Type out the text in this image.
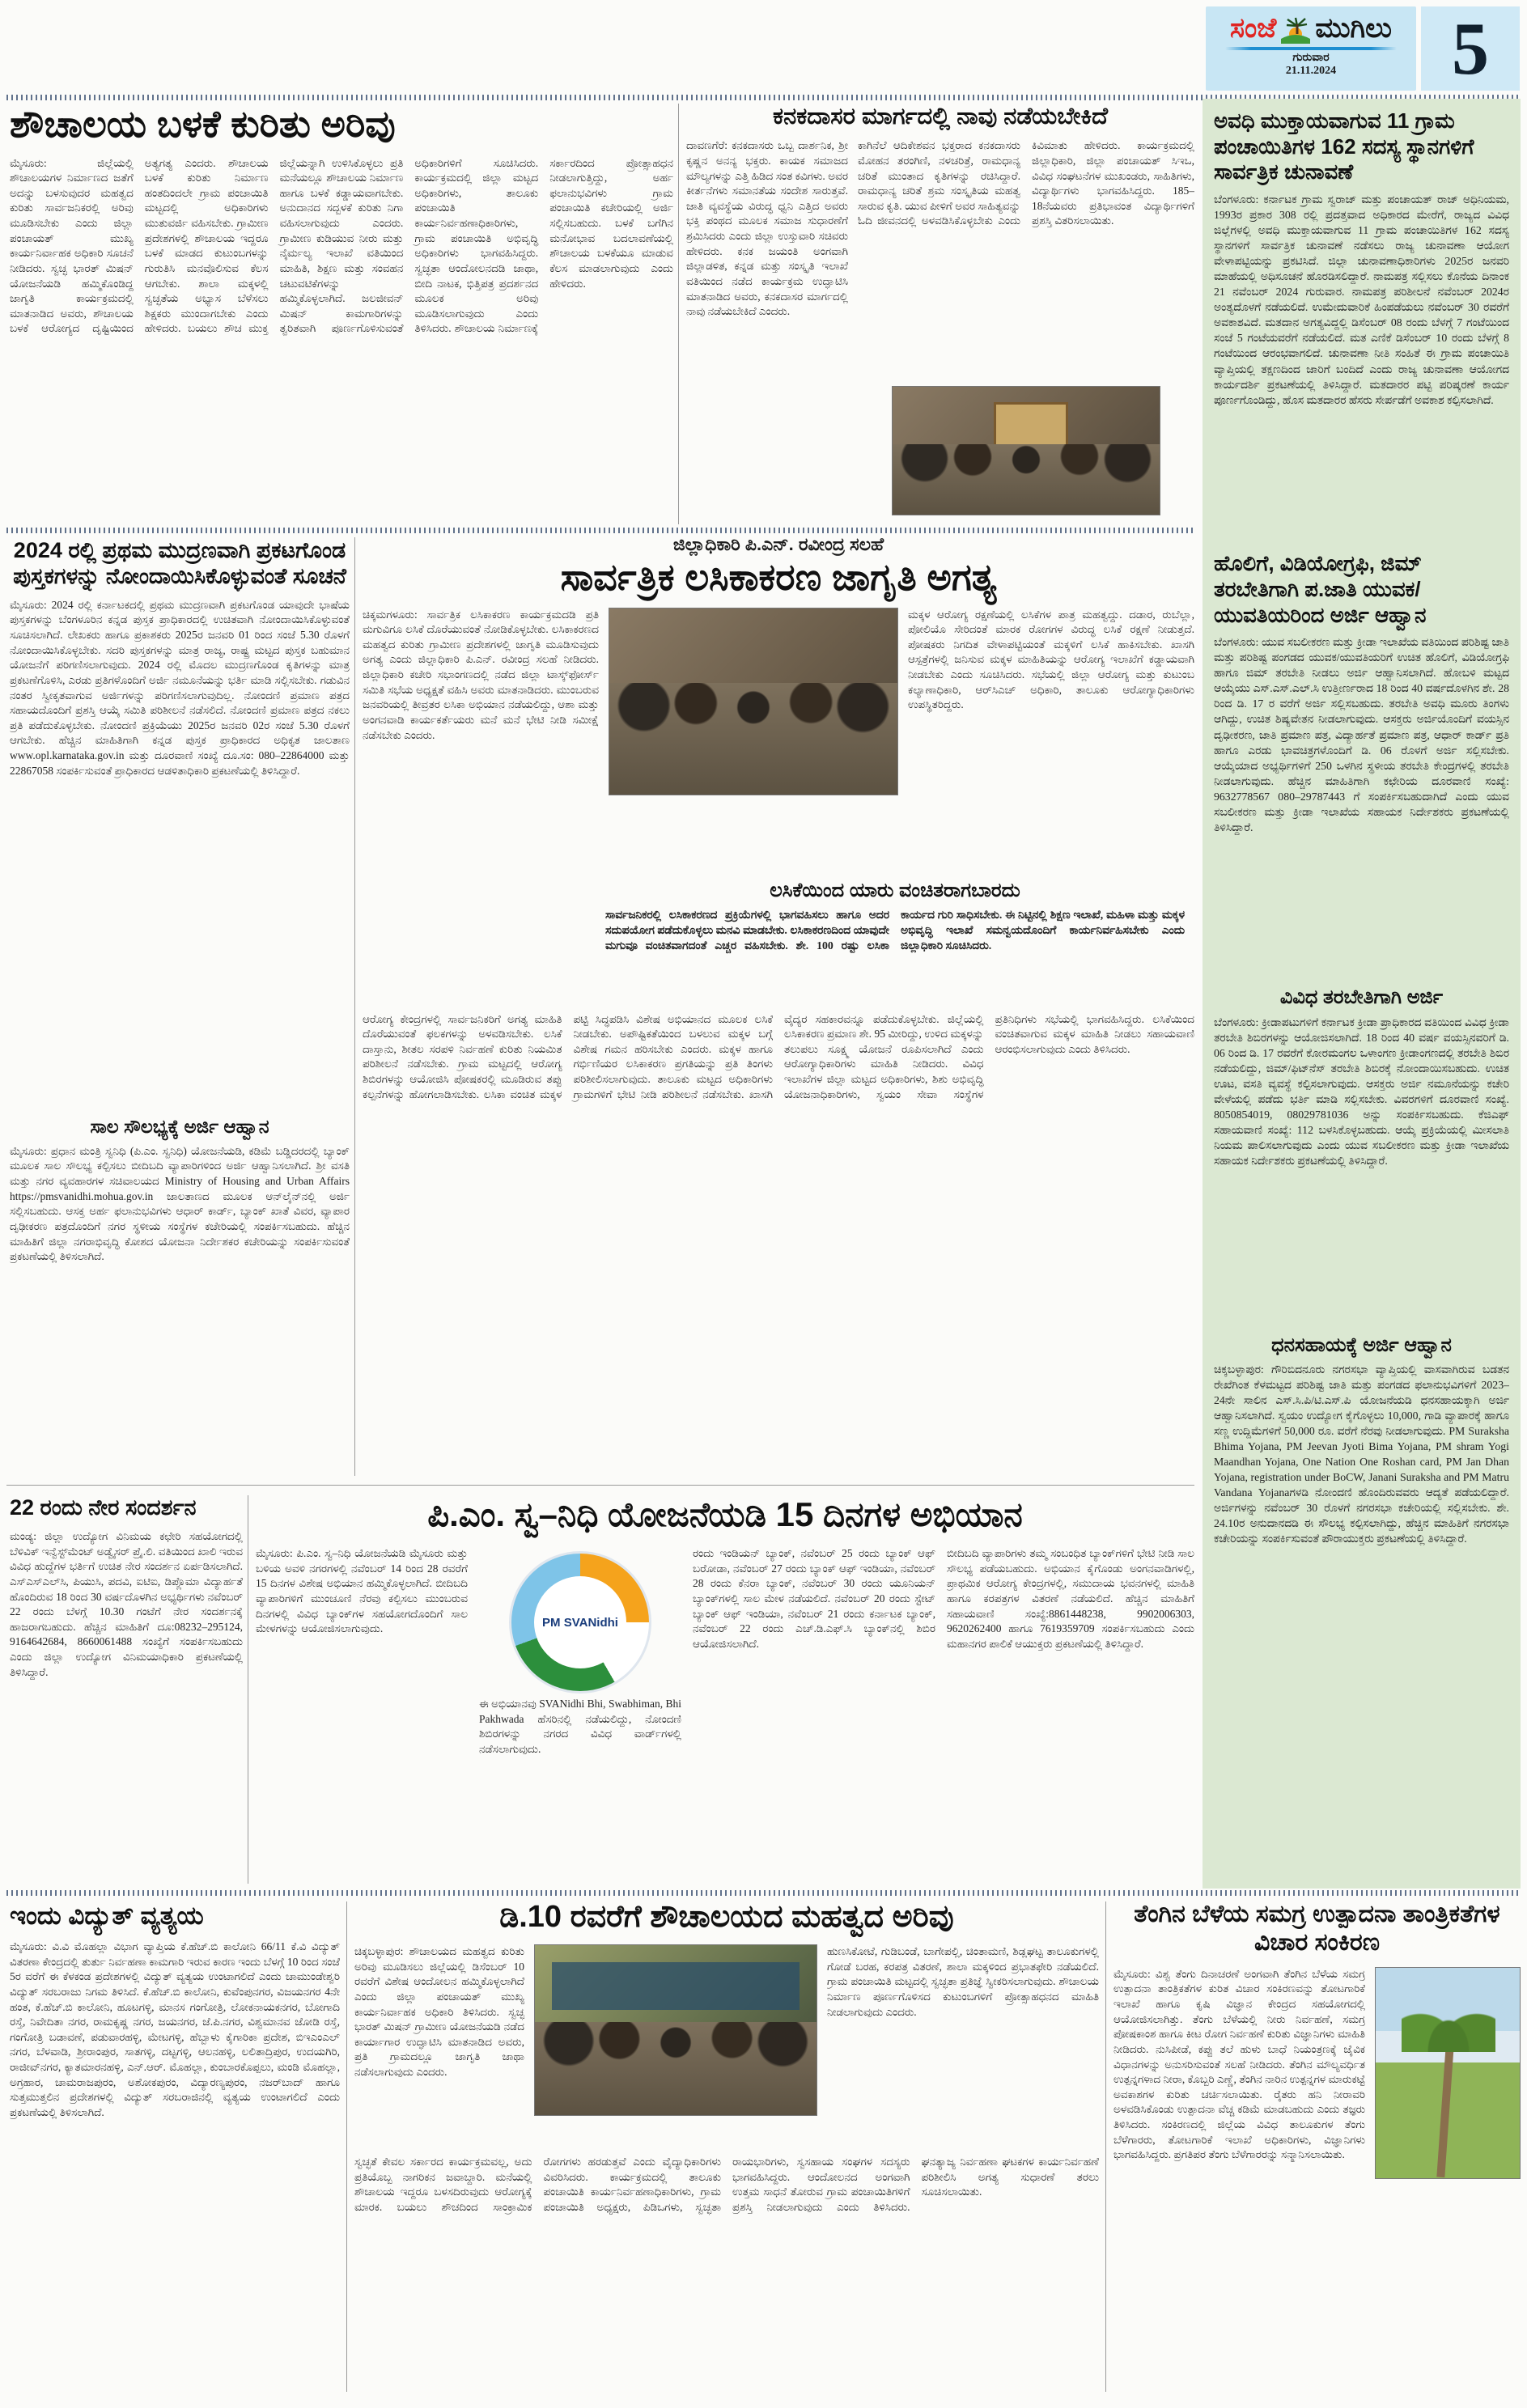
ಸಂಜೆ ಮುಗಿಲು
ಗುರುವಾರ
21.11.2024	5
ಶೌಚಾಲಯ ಬಳಕೆ ಕುರಿತು ಅರಿವು
ಮೈಸೂರು: ಜಿಲ್ಲೆಯಲ್ಲಿ ಶೌಚಾಲಯಗಳ ನಿರ್ಮಾಣದ ಜತೆಗೆ ಅದನ್ನು ಬಳಸುವುದರ ಮಹತ್ವದ ಕುರಿತು ಸಾರ್ವಜನಿಕರಲ್ಲಿ ಅರಿವು ಮೂಡಿಸಬೇಕು ಎಂದು ಜಿಲ್ಲಾ ಪಂಚಾಯತ್ ಮುಖ್ಯ ಕಾರ್ಯನಿರ್ವಾಹಕ ಅಧಿಕಾರಿ ಸೂಚನೆ ನೀಡಿದರು. ಸ್ವಚ್ಛ ಭಾರತ್ ಮಿಷನ್ ಯೋಜನೆಯಡಿ ಹಮ್ಮಿಕೊಂಡಿದ್ದ ಜಾಗೃತಿ ಕಾರ್ಯಕ್ರಮದಲ್ಲಿ ಮಾತನಾಡಿದ ಅವರು, ಶೌಚಾಲಯ ಬಳಕೆ ಆರೋಗ್ಯದ ದೃಷ್ಟಿಯಿಂದ ಅತ್ಯಗತ್ಯ ಎಂದರು. ಶೌಚಾಲಯ ಬಳಕೆ ಕುರಿತು ನಿರ್ಮಾಣ ಹಂತದಿಂದಲೇ ಗ್ರಾಮ ಪಂಚಾಯಿತಿ ಮಟ್ಟದಲ್ಲಿ ಅಧಿಕಾರಿಗಳು ಮುತುವರ್ಜಿ ವಹಿಸಬೇಕು. ಗ್ರಾಮೀಣ ಪ್ರದೇಶಗಳಲ್ಲಿ ಶೌಚಾಲಯ ಇದ್ದರೂ ಬಳಕೆ ಮಾಡದ ಕುಟುಂಬಗಳನ್ನು ಗುರುತಿಸಿ ಮನವೊಲಿಸುವ ಕೆಲಸ ಆಗಬೇಕು. ಶಾಲಾ ಮಕ್ಕಳಲ್ಲಿ ಸ್ವಚ್ಛತೆಯ ಅಭ್ಯಾಸ ಬೆಳೆಸಲು ಶಿಕ್ಷಕರು ಮುಂದಾಗಬೇಕು ಎಂದು ಹೇಳಿದರು. ಬಯಲು ಶೌಚ ಮುಕ್ತ ಜಿಲ್ಲೆಯನ್ನಾಗಿ ಉಳಿಸಿಕೊಳ್ಳಲು ಪ್ರತಿ ಮನೆಯಲ್ಲೂ ಶೌಚಾಲಯ ನಿರ್ಮಾಣ ಹಾಗೂ ಬಳಕೆ ಕಡ್ಡಾಯವಾಗಬೇಕು. ಅನುದಾನದ ಸದ್ಬಳಕೆ ಕುರಿತು ನಿಗಾ ವಹಿಸಲಾಗುವುದು ಎಂದರು. ಗ್ರಾಮೀಣ ಕುಡಿಯುವ ನೀರು ಮತ್ತು ನೈರ್ಮಲ್ಯ ಇಲಾಖೆ ವತಿಯಿಂದ ಮಾಹಿತಿ, ಶಿಕ್ಷಣ ಮತ್ತು ಸಂವಹನ ಚಟುವಟಿಕೆಗಳನ್ನು ಹಮ್ಮಿಕೊಳ್ಳಲಾಗಿದೆ. ಜಲಜೀವನ್ ಮಿಷನ್ ಕಾಮಗಾರಿಗಳನ್ನು ತ್ವರಿತವಾಗಿ ಪೂರ್ಣಗೊಳಿಸುವಂತೆ ಅಧಿಕಾರಿಗಳಿಗೆ ಸೂಚಿಸಿದರು. ಕಾರ್ಯಕ್ರಮದಲ್ಲಿ ಜಿಲ್ಲಾ ಮಟ್ಟದ ಅಧಿಕಾರಿಗಳು, ತಾಲೂಕು ಪಂಚಾಯಿತಿ ಕಾರ್ಯನಿರ್ವಹಣಾಧಿಕಾರಿಗಳು, ಗ್ರಾಮ ಪಂಚಾಯಿತಿ ಅಭಿವೃದ್ಧಿ ಅಧಿಕಾರಿಗಳು ಭಾಗವಹಿಸಿದ್ದರು. ಸ್ವಚ್ಛತಾ ಆಂದೋಲನದಡಿ ಜಾಥಾ, ಬೀದಿ ನಾಟಕ, ಭಿತ್ತಿಪತ್ರ ಪ್ರದರ್ಶನದ ಮೂಲಕ ಅರಿವು ಮೂಡಿಸಲಾಗುವುದು ಎಂದು ತಿಳಿಸಿದರು. ಶೌಚಾಲಯ ನಿರ್ಮಾಣಕ್ಕೆ ಸರ್ಕಾರದಿಂದ ಪ್ರೋತ್ಸಾಹಧನ ನೀಡಲಾಗುತ್ತಿದ್ದು, ಅರ್ಹ ಫಲಾನುಭವಿಗಳು ಗ್ರಾಮ ಪಂಚಾಯಿತಿ ಕಚೇರಿಯಲ್ಲಿ ಅರ್ಜಿ ಸಲ್ಲಿಸಬಹುದು. ಬಳಕೆ ಬಗೆಗಿನ ಮನೋಭಾವ ಬದಲಾವಣೆಯಲ್ಲಿ ಶೌಚಾಲಯ ಬಳಕೆಯೂ ಮಾಡುವ ಕೆಲಸ ಮಾಡಲಾಗುವುದು ಎಂದು ಹೇಳಿದರು.
ಕನಕದಾಸರ ಮಾರ್ಗದಲ್ಲಿ ನಾವು ನಡೆಯಬೇಕಿದೆ
ದಾವಣಗೆರೆ: ಕನಕದಾಸರು ಒಬ್ಬ ದಾರ್ಶನಿಕ, ಶ್ರೀ ಕೃಷ್ಣನ ಅನನ್ಯ ಭಕ್ತರು. ಕಾಯಕ ಸಮಾಜದ ಮೌಲ್ಯಗಳನ್ನು ಎತ್ತಿ ಹಿಡಿದ ಸಂತ ಕವಿಗಳು. ಅವರ ಕೀರ್ತನೆಗಳು ಸಮಾನತೆಯ ಸಂದೇಶ ಸಾರುತ್ತವೆ. ಜಾತಿ ವ್ಯವಸ್ಥೆಯ ವಿರುದ್ಧ ಧ್ವನಿ ಎತ್ತಿದ ಅವರು ಭಕ್ತಿ ಪಂಥದ ಮೂಲಕ ಸಮಾಜ ಸುಧಾರಣೆಗೆ ಶ್ರಮಿಸಿದರು ಎಂದು ಜಿಲ್ಲಾ ಉಸ್ತುವಾರಿ ಸಚಿವರು ಹೇಳಿದರು. ಕನಕ ಜಯಂತಿ ಅಂಗವಾಗಿ ಜಿಲ್ಲಾಡಳಿತ, ಕನ್ನಡ ಮತ್ತು ಸಂಸ್ಕೃತಿ ಇಲಾಖೆ ವತಿಯಿಂದ ನಡೆದ ಕಾರ್ಯಕ್ರಮ ಉದ್ಘಾಟಿಸಿ ಮಾತನಾಡಿದ ಅವರು, ಕನಕದಾಸರ ಮಾರ್ಗದಲ್ಲಿ ನಾವು ನಡೆಯಬೇಕಿದೆ ಎಂದರು.
ಕಾಗಿನೆಲೆ ಆದಿಕೇಶವನ ಭಕ್ತರಾದ ಕನಕದಾಸರು ಮೋಹನ ತರಂಗಿಣಿ, ನಳಚರಿತ್ರೆ, ರಾಮಧಾನ್ಯ ಚರಿತೆ ಮುಂತಾದ ಕೃತಿಗಳನ್ನು ರಚಿಸಿದ್ದಾರೆ. ರಾಮಧಾನ್ಯ ಚರಿತೆ ಶ್ರಮ ಸಂಸ್ಕೃತಿಯ ಮಹತ್ವ ಸಾರುವ ಕೃತಿ. ಯುವ ಪೀಳಿಗೆ ಅವರ ಸಾಹಿತ್ಯವನ್ನು ಓದಿ ಜೀವನದಲ್ಲಿ ಅಳವಡಿಸಿಕೊಳ್ಳಬೇಕು ಎಂದು ಕಿವಿಮಾತು ಹೇಳಿದರು. ಕಾರ್ಯಕ್ರಮದಲ್ಲಿ ಜಿಲ್ಲಾಧಿಕಾರಿ, ಜಿಲ್ಲಾ ಪಂಚಾಯತ್ ಸಿಇಒ, ವಿವಿಧ ಸಂಘಟನೆಗಳ ಮುಖಂಡರು, ಸಾಹಿತಿಗಳು, ವಿದ್ಯಾರ್ಥಿಗಳು ಭಾಗವಹಿಸಿದ್ದರು. 185–18ನೆಯವರು ಪ್ರತಿಭಾವಂತ ವಿದ್ಯಾರ್ಥಿಗಳಿಗೆ ಪ್ರಶಸ್ತಿ ವಿತರಿಸಲಾಯಿತು.
ಅವಧಿ ಮುಕ್ತಾಯವಾಗುವ 11 ಗ್ರಾಮ ಪಂಚಾಯಿತಿಗಳ 162 ಸದಸ್ಯ ಸ್ಥಾನಗಳಿಗೆ ಸಾರ್ವತ್ರಿಕ ಚುನಾವಣೆ
ಬೆಂಗಳೂರು: ಕರ್ನಾಟಕ ಗ್ರಾಮ ಸ್ವರಾಜ್ ಮತ್ತು ಪಂಚಾಯತ್ ರಾಜ್ ಅಧಿನಿಯಮ, 1993ರ ಪ್ರಕಾರ 308 ರಲ್ಲಿ ಪ್ರದತ್ತವಾದ ಅಧಿಕಾರದ ಮೇರೆಗೆ, ರಾಜ್ಯದ ವಿವಿಧ ಜಿಲ್ಲೆಗಳಲ್ಲಿ ಅವಧಿ ಮುಕ್ತಾಯವಾಗುವ 11 ಗ್ರಾಮ ಪಂಚಾಯಿತಿಗಳ 162 ಸದಸ್ಯ ಸ್ಥಾನಗಳಿಗೆ ಸಾರ್ವತ್ರಿಕ ಚುನಾವಣೆ ನಡೆಸಲು ರಾಜ್ಯ ಚುನಾವಣಾ ಆಯೋಗ ವೇಳಾಪಟ್ಟಿಯನ್ನು ಪ್ರಕಟಿಸಿದೆ. ಜಿಲ್ಲಾ ಚುನಾವಣಾಧಿಕಾರಿಗಳು 2025ರ ಜನವರಿ ಮಾಹೆಯಲ್ಲಿ ಅಧಿಸೂಚನೆ ಹೊರಡಿಸಲಿದ್ದಾರೆ. ನಾಮಪತ್ರ ಸಲ್ಲಿಸಲು ಕೊನೆಯ ದಿನಾಂಕ 21 ನವೆಂಬರ್ 2024 ಗುರುವಾರ. ನಾಮಪತ್ರ ಪರಿಶೀಲನೆ ನವೆಂಬರ್ 2024ರ ಅಂತ್ಯದೊಳಗೆ ನಡೆಯಲಿದೆ. ಉಮೇದುವಾರಿಕೆ ಹಿಂಪಡೆಯಲು ನವೆಂಬರ್ 30 ರವರೆಗೆ ಅವಕಾಶವಿದೆ. ಮತದಾನ ಅಗತ್ಯವಿದ್ದಲ್ಲಿ ಡಿಸೆಂಬರ್ 08 ರಂದು ಬೆಳಗ್ಗೆ 7 ಗಂಟೆಯಿಂದ ಸಂಜೆ 5 ಗಂಟೆಯವರೆಗೆ ನಡೆಯಲಿದೆ. ಮತ ಎಣಿಕೆ ಡಿಸೆಂಬರ್ 10 ರಂದು ಬೆಳಗ್ಗೆ 8 ಗಂಟೆಯಿಂದ ಆರಂಭವಾಗಲಿದೆ. ಚುನಾವಣಾ ನೀತಿ ಸಂಹಿತೆ ಈ ಗ್ರಾಮ ಪಂಚಾಯಿತಿ ವ್ಯಾಪ್ತಿಯಲ್ಲಿ ತಕ್ಷಣದಿಂದ ಜಾರಿಗೆ ಬಂದಿದೆ ಎಂದು ರಾಜ್ಯ ಚುನಾವಣಾ ಆಯೋಗದ ಕಾರ್ಯದರ್ಶಿ ಪ್ರಕಟಣೆಯಲ್ಲಿ ತಿಳಿಸಿದ್ದಾರೆ. ಮತದಾರರ ಪಟ್ಟಿ ಪರಿಷ್ಕರಣೆ ಕಾರ್ಯ ಪೂರ್ಣಗೊಂಡಿದ್ದು, ಹೊಸ ಮತದಾರರ ಹೆಸರು ಸೇರ್ಪಡೆಗೆ ಅವಕಾಶ ಕಲ್ಪಿಸಲಾಗಿದೆ.
ಹೊಲಿಗೆ, ವಿಡಿಯೋಗ್ರಫಿ, ಜಿಮ್ ತರಬೇತಿಗಾಗಿ ಪ.ಜಾತಿ ಯುವಕ/ಯುವತಿಯರಿಂದ ಅರ್ಜಿ ಆಹ್ವಾನ
ಬೆಂಗಳೂರು: ಯುವ ಸಬಲೀಕರಣ ಮತ್ತು ಕ್ರೀಡಾ ಇಲಾಖೆಯ ವತಿಯಿಂದ ಪರಿಶಿಷ್ಟ ಜಾತಿ ಮತ್ತು ಪರಿಶಿಷ್ಟ ಪಂಗಡದ ಯುವಕ/ಯುವತಿಯರಿಗೆ ಉಚಿತ ಹೊಲಿಗೆ, ವಿಡಿಯೋಗ್ರಫಿ ಹಾಗೂ ಜಿಮ್ ತರಬೇತಿ ನೀಡಲು ಅರ್ಜಿ ಆಹ್ವಾನಿಸಲಾಗಿದೆ. ಹೋಬಳಿ ಮಟ್ಟದ ಆಯ್ಕೆಯು ಎಸ್.ಎಸ್.ಎಲ್.ಸಿ ಉತ್ತೀರ್ಣರಾದ 18 ರಿಂದ 40 ವರ್ಷದೊಳಗಿನ ಶೇ. 28 ರಿಂದ ಡಿ. 17 ರ ವರೆಗೆ ಅರ್ಜಿ ಸಲ್ಲಿಸಬಹುದು. ತರಬೇತಿ ಅವಧಿ ಮೂರು ತಿಂಗಳು ಆಗಿದ್ದು, ಉಚಿತ ಶಿಷ್ಯವೇತನ ನೀಡಲಾಗುವುದು. ಆಸಕ್ತರು ಅರ್ಜಿಯೊಂದಿಗೆ ವಯಸ್ಸಿನ ದೃಢೀಕರಣ, ಜಾತಿ ಪ್ರಮಾಣ ಪತ್ರ, ವಿದ್ಯಾರ್ಹತೆ ಪ್ರಮಾಣ ಪತ್ರ, ಆಧಾರ್ ಕಾರ್ಡ್ ಪ್ರತಿ ಹಾಗೂ ಎರಡು ಭಾವಚಿತ್ರಗಳೊಂದಿಗೆ ಡಿ. 06 ರೊಳಗೆ ಅರ್ಜಿ ಸಲ್ಲಿಸಬೇಕು. ಆಯ್ಕೆಯಾದ ಅಭ್ಯರ್ಥಿಗಳಿಗೆ 250 ಒಳಗಿನ ಸ್ಥಳೀಯ ತರಬೇತಿ ಕೇಂದ್ರಗಳಲ್ಲಿ ತರಬೇತಿ ನೀಡಲಾಗುವುದು. ಹೆಚ್ಚಿನ ಮಾಹಿತಿಗಾಗಿ ಕಛೇರಿಯ ದೂರವಾಣಿ ಸಂಖ್ಯೆ: 9632778567 080–29787443 ಗೆ ಸಂಪರ್ಕಿಸಬಹುದಾಗಿದೆ ಎಂದು ಯುವ ಸಬಲೀಕರಣ ಮತ್ತು ಕ್ರೀಡಾ ಇಲಾಖೆಯ ಸಹಾಯಕ ನಿರ್ದೇಶಕರು ಪ್ರಕಟಣೆಯಲ್ಲಿ ತಿಳಿಸಿದ್ದಾರೆ.
ವಿವಿಧ ತರಬೇತಿಗಾಗಿ ಅರ್ಜಿ
ಬೆಂಗಳೂರು: ಕ್ರೀಡಾಪಟುಗಳಿಗೆ ಕರ್ನಾಟಕ ಕ್ರೀಡಾ ಪ್ರಾಧಿಕಾರದ ವತಿಯಿಂದ ವಿವಿಧ ಕ್ರೀಡಾ ತರಬೇತಿ ಶಿಬಿರಗಳನ್ನು ಆಯೋಜಿಸಲಾಗಿದೆ. 18 ರಿಂದ 40 ವರ್ಷ ವಯಸ್ಸಿನವರಿಗೆ ಡಿ. 06 ರಿಂದ ಡಿ. 17 ರವರೆಗೆ ಕೋರಮಂಗಲ ಒಳಾಂಗಣ ಕ್ರೀಡಾಂಗಣದಲ್ಲಿ ತರಬೇತಿ ಶಿಬಿರ ನಡೆಯಲಿದ್ದು, ಜಿಮ್/ಫಿಟ್‌ನೆಸ್ ತರಬೇತಿ ಶಿಬಿರಕ್ಕೆ ನೋಂದಾಯಿಸಬಹುದು. ಉಚಿತ ಊಟ, ವಸತಿ ವ್ಯವಸ್ಥೆ ಕಲ್ಪಿಸಲಾಗುವುದು. ಆಸಕ್ತರು ಅರ್ಜಿ ನಮೂನೆಯನ್ನು ಕಚೇರಿ ವೇಳೆಯಲ್ಲಿ ಪಡೆದು ಭರ್ತಿ ಮಾಡಿ ಸಲ್ಲಿಸಬೇಕು. ವಿವರಗಳಿಗೆ ದೂರವಾಣಿ ಸಂಖ್ಯೆ. 8050854019, 08029781036 ಅನ್ನು ಸಂಪರ್ಕಿಸಬಹುದು. ಕೆಜಿಎಫ್ ಸಹಾಯವಾಣಿ ಸಂಖ್ಯೆ: 112 ಬಳಸಿಕೊಳ್ಳಬಹುದು. ಆಯ್ಕೆ ಪ್ರಕ್ರಿಯೆಯಲ್ಲಿ ಮೀಸಲಾತಿ ನಿಯಮ ಪಾಲಿಸಲಾಗುವುದು ಎಂದು ಯುವ ಸಬಲೀಕರಣ ಮತ್ತು ಕ್ರೀಡಾ ಇಲಾಖೆಯ ಸಹಾಯಕ ನಿರ್ದೇಶಕರು ಪ್ರಕಟಣೆಯಲ್ಲಿ ತಿಳಿಸಿದ್ದಾರೆ.
ಧನಸಹಾಯಕ್ಕೆ ಅರ್ಜಿ ಆಹ್ವಾನ
ಚಿಕ್ಕಬಳ್ಳಾಪುರ: ಗೌರಿಬಿದನೂರು ನಗರಸಭಾ ವ್ಯಾಪ್ತಿಯಲ್ಲಿ ವಾಸವಾಗಿರುವ ಬಡತನ ರೇಖೆಗಿಂತ ಕೆಳಮಟ್ಟದ ಪರಿಶಿಷ್ಟ ಜಾತಿ ಮತ್ತು ಪಂಗಡದ ಫಲಾನುಭವಿಗಳಿಗೆ 2023–24ನೇ ಸಾಲಿನ ಎಸ್.ಸಿ.ಪಿ/ಟಿ.ಎಸ್.ಪಿ ಯೋಜನೆಯಡಿ ಧನಸಹಾಯಕ್ಕಾಗಿ ಅರ್ಜಿ ಆಹ್ವಾನಿಸಲಾಗಿದೆ. ಸ್ವಯಂ ಉದ್ಯೋಗ ಕೈಗೊಳ್ಳಲು 10,000, ಗಾಡಿ ವ್ಯಾಪಾರಕ್ಕೆ ಹಾಗೂ ಸಣ್ಣ ಉದ್ದಿಮೆಗಳಿಗೆ 50,000 ರೂ. ವರೆಗೆ ನೆರವು ನೀಡಲಾಗುವುದು. PM Suraksha Bhima Yojana, PM Jeevan Jyoti Bima Yojana, PM shram Yogi Maandhan Yojana, One Nation One Roshan card, PM Jan Dhan Yojana, registration under BoCW, Janani Suraksha and PM Matru Vandana Yojanaಗಳಡಿ ನೋಂದಣಿ ಹೊಂದಿರುವವರು ಆದ್ಯತೆ ಪಡೆಯಲಿದ್ದಾರೆ. ಅರ್ಜಿಗಳನ್ನು ನವೆಂಬರ್ 30 ರೊಳಗೆ ನಗರಸಭಾ ಕಚೇರಿಯಲ್ಲಿ ಸಲ್ಲಿಸಬೇಕು. ಶೇ. 24.10ರ ಅನುದಾನದಡಿ ಈ ಸೌಲಭ್ಯ ಕಲ್ಪಿಸಲಾಗಿದ್ದು, ಹೆಚ್ಚಿನ ಮಾಹಿತಿಗೆ ನಗರಸಭಾ ಕಚೇರಿಯನ್ನು ಸಂಪರ್ಕಿಸುವಂತೆ ಪೌರಾಯುಕ್ತರು ಪ್ರಕಟಣೆಯಲ್ಲಿ ತಿಳಿಸಿದ್ದಾರೆ.
2024 ರಲ್ಲಿ ಪ್ರಥಮ ಮುದ್ರಣವಾಗಿ ಪ್ರಕಟಗೊಂಡ ಪುಸ್ತಕಗಳನ್ನು ನೋಂದಾಯಿಸಿಕೊಳ್ಳುವಂತೆ ಸೂಚನೆ
ಮೈಸೂರು: 2024 ರಲ್ಲಿ ಕರ್ನಾಟಕದಲ್ಲಿ ಪ್ರಥಮ ಮುದ್ರಣವಾಗಿ ಪ್ರಕಟಗೊಂಡ ಯಾವುದೇ ಭಾಷೆಯ ಪುಸ್ತಕಗಳನ್ನು ಬೆಂಗಳೂರಿನ ಕನ್ನಡ ಪುಸ್ತಕ ಪ್ರಾಧಿಕಾರದಲ್ಲಿ ಉಚಿತವಾಗಿ ನೋಂದಾಯಿಸಿಕೊಳ್ಳುವಂತೆ ಸೂಚಿಸಲಾಗಿದೆ. ಲೇಖಕರು ಹಾಗೂ ಪ್ರಕಾಶಕರು 2025ರ ಜನವರಿ 01 ರಿಂದ ಸಂಜೆ 5.30 ರೊಳಗೆ ನೋಂದಾಯಿಸಿಕೊಳ್ಳಬೇಕು. ಸದರಿ ಪುಸ್ತಕಗಳನ್ನು ಮಾತ್ರ ರಾಜ್ಯ, ರಾಷ್ಟ್ರ ಮಟ್ಟದ ಪುಸ್ತಕ ಬಹುಮಾನ ಯೋಜನೆಗೆ ಪರಿಗಣಿಸಲಾಗುವುದು. 2024 ರಲ್ಲಿ ಮೊದಲ ಮುದ್ರಣಗೊಂಡ ಕೃತಿಗಳನ್ನು ಮಾತ್ರ ಪ್ರಕಟಣೆಗೊಳಿಸಿ, ಎರಡು ಪ್ರತಿಗಳೊಂದಿಗೆ ಅರ್ಜಿ ನಮೂನೆಯನ್ನು ಭರ್ತಿ ಮಾಡಿ ಸಲ್ಲಿಸಬೇಕು. ಗಡುವಿನ ನಂತರ ಸ್ವೀಕೃತವಾಗುವ ಅರ್ಜಿಗಳನ್ನು ಪರಿಗಣಿಸಲಾಗುವುದಿಲ್ಲ. ನೋಂದಣಿ ಪ್ರಮಾಣ ಪತ್ರದ ಸಹಾಯದೊಂದಿಗೆ ಪ್ರಶಸ್ತಿ ಆಯ್ಕೆ ಸಮಿತಿ ಪರಿಶೀಲನೆ ನಡೆಸಲಿದೆ. ನೋಂದಣಿ ಪ್ರಮಾಣ ಪತ್ರದ ನಕಲು ಪ್ರತಿ ಪಡೆದುಕೊಳ್ಳಬೇಕು. ನೋಂದಣಿ ಪ್ರಕ್ರಿಯೆಯು 2025ರ ಜನವರಿ 02ರ ಸಂಜೆ 5.30 ರೊಳಗೆ ಆಗಬೇಕು. ಹೆಚ್ಚಿನ ಮಾಹಿತಿಗಾಗಿ ಕನ್ನಡ ಪುಸ್ತಕ ಪ್ರಾಧಿಕಾರದ ಅಧಿಕೃತ ಜಾಲತಾಣ www.opl.karnataka.gov.in ಮತ್ತು ದೂರವಾಣಿ ಸಂಖ್ಯೆ ದೂ.ಸಂ: 080–22864000 ಮತ್ತು 22867058 ಸಂಪರ್ಕಿಸುವಂತೆ ಪ್ರಾಧಿಕಾರದ ಆಡಳಿತಾಧಿಕಾರಿ ಪ್ರಕಟಣೆಯಲ್ಲಿ ತಿಳಿಸಿದ್ದಾರೆ.
ಸಾಲ ಸೌಲಭ್ಯಕ್ಕೆ ಅರ್ಜಿ ಆಹ್ವಾನ
ಮೈಸೂರು: ಪ್ರಧಾನ ಮಂತ್ರಿ ಸ್ವನಿಧಿ (ಪಿ.ಎಂ. ಸ್ವನಿಧಿ) ಯೋಜನೆಯಡಿ, ಕಡಿಮೆ ಬಡ್ಡಿದರದಲ್ಲಿ ಬ್ಯಾಂಕ್ ಮೂಲಕ ಸಾಲ ಸೌಲಭ್ಯ ಕಲ್ಪಿಸಲು ಬೀದಿಬದಿ ವ್ಯಾಪಾರಿಗಳಿಂದ ಅರ್ಜಿ ಆಹ್ವಾನಿಸಲಾಗಿದೆ. ಶ್ರೀ ವಸತಿ ಮತ್ತು ನಗರ ವ್ಯವಹಾರಗಳ ಸಚಿವಾಲಯದ Ministry of Housing and Urban Affairs https://pmsvanidhi.mohua.gov.in ಜಾಲತಾಣದ ಮೂಲಕ ಆನ್‌ಲೈನ್‌ನಲ್ಲಿ ಅರ್ಜಿ ಸಲ್ಲಿಸಬಹುದು. ಆಸಕ್ತ ಅರ್ಹ ಫಲಾನುಭವಿಗಳು ಆಧಾರ್ ಕಾರ್ಡ್, ಬ್ಯಾಂಕ್ ಖಾತೆ ವಿವರ, ವ್ಯಾಪಾರ ದೃಢೀಕರಣ ಪತ್ರದೊಂದಿಗೆ ನಗರ ಸ್ಥಳೀಯ ಸಂಸ್ಥೆಗಳ ಕಚೇರಿಯಲ್ಲಿ ಸಂಪರ್ಕಿಸಬಹುದು. ಹೆಚ್ಚಿನ ಮಾಹಿತಿಗೆ ಜಿಲ್ಲಾ ನಗರಾಭಿವೃದ್ಧಿ ಕೋಶದ ಯೋಜನಾ ನಿರ್ದೇಶಕರ ಕಚೇರಿಯನ್ನು ಸಂಪರ್ಕಿಸುವಂತೆ ಪ್ರಕಟಣೆಯಲ್ಲಿ ತಿಳಿಸಲಾಗಿದೆ.
ಜಿಲ್ಲಾಧಿಕಾರಿ ಪಿ.ಎನ್. ರವೀಂದ್ರ ಸಲಹೆ
ಸಾರ್ವತ್ರಿಕ ಲಸಿಕಾಕರಣ ಜಾಗೃತಿ ಅಗತ್ಯ
ಚಿಕ್ಕಮಗಳೂರು: ಸಾರ್ವತ್ರಿಕ ಲಸಿಕಾಕರಣ ಕಾರ್ಯಕ್ರಮದಡಿ ಪ್ರತಿ ಮಗುವಿಗೂ ಲಸಿಕೆ ದೊರೆಯುವಂತೆ ನೋಡಿಕೊಳ್ಳಬೇಕು. ಲಸಿಕಾಕರಣದ ಮಹತ್ವದ ಕುರಿತು ಗ್ರಾಮೀಣ ಪ್ರದೇಶಗಳಲ್ಲಿ ಜಾಗೃತಿ ಮೂಡಿಸುವುದು ಅಗತ್ಯ ಎಂದು ಜಿಲ್ಲಾಧಿಕಾರಿ ಪಿ.ಎನ್. ರವೀಂದ್ರ ಸಲಹೆ ನೀಡಿದರು. ಜಿಲ್ಲಾಧಿಕಾರಿ ಕಚೇರಿ ಸಭಾಂಗಣದಲ್ಲಿ ನಡೆದ ಜಿಲ್ಲಾ ಟಾಸ್ಕ್‌ಫೋರ್ಸ್ ಸಮಿತಿ ಸಭೆಯ ಅಧ್ಯಕ್ಷತೆ ವಹಿಸಿ ಅವರು ಮಾತನಾಡಿದರು. ಮುಂಬರುವ ಜನವರಿಯಲ್ಲಿ ತೀವ್ರತರ ಲಸಿಕಾ ಅಭಿಯಾನ ನಡೆಯಲಿದ್ದು, ಆಶಾ ಮತ್ತು ಅಂಗನವಾಡಿ ಕಾರ್ಯಕರ್ತೆಯರು ಮನೆ ಮನೆ ಭೇಟಿ ನೀಡಿ ಸಮೀಕ್ಷೆ ನಡೆಸಬೇಕು ಎಂದರು.
ಮಕ್ಕಳ ಆರೋಗ್ಯ ರಕ್ಷಣೆಯಲ್ಲಿ ಲಸಿಕೆಗಳ ಪಾತ್ರ ಮಹತ್ವದ್ದು. ದಡಾರ, ರುಬೆಲ್ಲಾ, ಪೋಲಿಯೊ ಸೇರಿದಂತೆ ಮಾರಕ ರೋಗಗಳ ವಿರುದ್ಧ ಲಸಿಕೆ ರಕ್ಷಣೆ ನೀಡುತ್ತದೆ. ಪೋಷಕರು ನಿಗದಿತ ವೇಳಾಪಟ್ಟಿಯಂತೆ ಮಕ್ಕಳಿಗೆ ಲಸಿಕೆ ಹಾಕಿಸಬೇಕು. ಖಾಸಗಿ ಆಸ್ಪತ್ರೆಗಳಲ್ಲಿ ಜನಿಸುವ ಮಕ್ಕಳ ಮಾಹಿತಿಯನ್ನು ಆರೋಗ್ಯ ಇಲಾಖೆಗೆ ಕಡ್ಡಾಯವಾಗಿ ನೀಡಬೇಕು ಎಂದು ಸೂಚಿಸಿದರು. ಸಭೆಯಲ್ಲಿ ಜಿಲ್ಲಾ ಆರೋಗ್ಯ ಮತ್ತು ಕುಟುಂಬ ಕಲ್ಯಾಣಾಧಿಕಾರಿ, ಆರ್‌ಸಿಎಚ್ ಅಧಿಕಾರಿ, ತಾಲೂಕು ಆರೋಗ್ಯಾಧಿಕಾರಿಗಳು ಉಪಸ್ಥಿತರಿದ್ದರು.
ಲಸಿಕೆಯಿಂದ ಯಾರು ವಂಚಿತರಾಗಬಾರದು
ಸಾರ್ವಜನಿಕರಲ್ಲಿ ಲಸಿಕಾಕರಣದ ಪ್ರಕ್ರಿಯೆಗಳಲ್ಲಿ ಭಾಗವಹಿಸಲು ಹಾಗೂ ಅದರ ಸದುಪಯೋಗ ಪಡೆದುಕೊಳ್ಳಲು ಮನವಿ ಮಾಡಬೇಕು. ಲಸಿಕಾಕರಣದಿಂದ ಯಾವುದೇ ಮಗುವೂ ವಂಚಿತವಾಗದಂತೆ ಎಚ್ಚರ ವಹಿಸಬೇಕು. ಶೇ. 100 ರಷ್ಟು ಲಸಿಕಾ ಕಾರ್ಯದ ಗುರಿ ಸಾಧಿಸಬೇಕು. ಈ ನಿಟ್ಟಿನಲ್ಲಿ ಶಿಕ್ಷಣ ಇಲಾಖೆ, ಮಹಿಳಾ ಮತ್ತು ಮಕ್ಕಳ ಅಭಿವೃದ್ಧಿ ಇಲಾಖೆ ಸಮನ್ವಯದೊಂದಿಗೆ ಕಾರ್ಯನಿರ್ವಹಿಸಬೇಕು ಎಂದು ಜಿಲ್ಲಾಧಿಕಾರಿ ಸೂಚಿಸಿದರು.
ಆರೋಗ್ಯ ಕೇಂದ್ರಗಳಲ್ಲಿ ಸಾರ್ವಜನಿಕರಿಗೆ ಅಗತ್ಯ ಮಾಹಿತಿ ದೊರೆಯುವಂತೆ ಫಲಕಗಳನ್ನು ಅಳವಡಿಸಬೇಕು. ಲಸಿಕೆ ದಾಸ್ತಾನು, ಶೀತಲ ಸರಪಳಿ ನಿರ್ವಹಣೆ ಕುರಿತು ನಿಯಮಿತ ಪರಿಶೀಲನೆ ನಡೆಸಬೇಕು. ಗ್ರಾಮ ಮಟ್ಟದಲ್ಲಿ ಆರೋಗ್ಯ ಶಿಬಿರಗಳನ್ನು ಆಯೋಜಿಸಿ ಪೋಷಕರಲ್ಲಿ ಮೂಡಿರುವ ತಪ್ಪು ಕಲ್ಪನೆಗಳನ್ನು ಹೋಗಲಾಡಿಸಬೇಕು. ಲಸಿಕಾ ವಂಚಿತ ಮಕ್ಕಳ ಪಟ್ಟಿ ಸಿದ್ಧಪಡಿಸಿ ವಿಶೇಷ ಅಭಿಯಾನದ ಮೂಲಕ ಲಸಿಕೆ ನೀಡಬೇಕು. ಅಪೌಷ್ಟಿಕತೆಯಿಂದ ಬಳಲುವ ಮಕ್ಕಳ ಬಗ್ಗೆ ವಿಶೇಷ ಗಮನ ಹರಿಸಬೇಕು ಎಂದರು. ಮಕ್ಕಳ ಹಾಗೂ ಗರ್ಭಿಣಿಯರ ಲಸಿಕಾಕರಣ ಪ್ರಗತಿಯನ್ನು ಪ್ರತಿ ತಿಂಗಳು ಪರಿಶೀಲಿಸಲಾಗುವುದು. ತಾಲೂಕು ಮಟ್ಟದ ಅಧಿಕಾರಿಗಳು ಗ್ರಾಮಗಳಿಗೆ ಭೇಟಿ ನೀಡಿ ಪರಿಶೀಲನೆ ನಡೆಸಬೇಕು. ಖಾಸಗಿ ವೈದ್ಯರ ಸಹಕಾರವನ್ನೂ ಪಡೆದುಕೊಳ್ಳಬೇಕು. ಜಿಲ್ಲೆಯಲ್ಲಿ ಲಸಿಕಾಕರಣ ಪ್ರಮಾಣ ಶೇ. 95 ಮೀರಿದ್ದು, ಉಳಿದ ಮಕ್ಕಳನ್ನು ತಲುಪಲು ಸೂಕ್ಷ್ಮ ಯೋಜನೆ ರೂಪಿಸಲಾಗಿದೆ ಎಂದು ಆರೋಗ್ಯಾಧಿಕಾರಿಗಳು ಮಾಹಿತಿ ನೀಡಿದರು. ವಿವಿಧ ಇಲಾಖೆಗಳ ಜಿಲ್ಲಾ ಮಟ್ಟದ ಅಧಿಕಾರಿಗಳು, ಶಿಶು ಅಭಿವೃದ್ಧಿ ಯೋಜನಾಧಿಕಾರಿಗಳು, ಸ್ವಯಂ ಸೇವಾ ಸಂಸ್ಥೆಗಳ ಪ್ರತಿನಿಧಿಗಳು ಸಭೆಯಲ್ಲಿ ಭಾಗವಹಿಸಿದ್ದರು. ಲಸಿಕೆಯಿಂದ ವಂಚಿತವಾಗುವ ಮಕ್ಕಳ ಮಾಹಿತಿ ನೀಡಲು ಸಹಾಯವಾಣಿ ಆರಂಭಿಸಲಾಗುವುದು ಎಂದು ತಿಳಿಸಿದರು.
22 ರಂದು ನೇರ ಸಂದರ್ಶನ
ಮಂಡ್ಯ: ಜಿಲ್ಲಾ ಉದ್ಯೋಗ ವಿನಿಮಯ ಕಛೇರಿ ಸಹಯೋಗದಲ್ಲಿ ಬೆಳಿವಿಕ್ ಇನ್ವೆಸ್ಟ್‌ಮೆಂಟ್ ಅಡ್ವೈಸರ್ ಪ್ರೈ.ಲಿ. ವತಿಯಿಂದ ಖಾಲಿ ಇರುವ ವಿವಿಧ ಹುದ್ದೆಗಳ ಭರ್ತಿಗೆ ಉಚಿತ ನೇರ ಸಂದರ್ಶನ ಏರ್ಪಡಿಸಲಾಗಿದೆ. ಎಸ್ಎಸ್ಎಲ್‌ಸಿ, ಪಿಯುಸಿ, ಪದವಿ, ಐಟಿಐ, ಡಿಪ್ಲೊಮಾ ವಿದ್ಯಾರ್ಹತೆ ಹೊಂದಿರುವ 18 ರಿಂದ 30 ವರ್ಷದೊಳಗಿನ ಅಭ್ಯರ್ಥಿಗಳು ನವೆಂಬರ್ 22 ರಂದು ಬೆಳಗ್ಗೆ 10.30 ಗಂಟೆಗೆ ನೇರ ಸಂದರ್ಶನಕ್ಕೆ ಹಾಜರಾಗಬಹುದು. ಹೆಚ್ಚಿನ ಮಾಹಿತಿಗೆ ದೂ:08232–295124, 9164642684, 8660061488 ಸಂಖ್ಯೆಗೆ ಸಂಪರ್ಕಿಸಬಹುದು ಎಂದು ಜಿಲ್ಲಾ ಉದ್ಯೋಗ ವಿನಿಮಯಾಧಿಕಾರಿ ಪ್ರಕಟಣೆಯಲ್ಲಿ ತಿಳಿಸಿದ್ದಾರೆ.
ಪಿ.ಎಂ. ಸ್ವ–ನಿಧಿ ಯೋಜನೆಯಡಿ 15 ದಿನಗಳ ಅಭಿಯಾನ
ಮೈಸೂರು: ಪಿ.ಎಂ. ಸ್ವ–ನಿಧಿ ಯೋಜನೆಯಡಿ ಮೈಸೂರು ಮತ್ತು ಬಳಿಯ ಅವಳಿ ನಗರಗಳಲ್ಲಿ ನವೆಂಬರ್ 14 ರಿಂದ 28 ರವರೆಗೆ 15 ದಿನಗಳ ವಿಶೇಷ ಅಭಿಯಾನ ಹಮ್ಮಿಕೊಳ್ಳಲಾಗಿದೆ. ಬೀದಿಬದಿ ವ್ಯಾಪಾರಿಗಳಿಗೆ ಮುಂಚೂಣಿ ನೆರವು ಕಲ್ಪಿಸಲು ಮುಂಬರುವ ದಿನಗಳಲ್ಲಿ ವಿವಿಧ ಬ್ಯಾಂಕ್‌ಗಳ ಸಹಯೋಗದೊಂದಿಗೆ ಸಾಲ ಮೇಳಗಳನ್ನು ಆಯೋಜಿಸಲಾಗುವುದು.	PM SVANidhi
ಈ ಅಭಿಯಾನವು SVANidhi Bhi, Swabhiman, Bhi Pakhwada ಹೆಸರಿನಲ್ಲಿ ನಡೆಯಲಿದ್ದು, ನೋಂದಣಿ ಶಿಬಿರಗಳನ್ನು ನಗರದ ವಿವಿಧ ವಾರ್ಡ್‌ಗಳಲ್ಲಿ ನಡೆಸಲಾಗುವುದು.
ರಂದು ಇಂಡಿಯನ್ ಬ್ಯಾಂಕ್, ನವೆಂಬರ್ 25 ರಂದು ಬ್ಯಾಂಕ್ ಆಫ್ ಬರೋಡಾ, ನವೆಂಬರ್ 27 ರಂದು ಬ್ಯಾಂಕ್ ಆಫ್ ಇಂಡಿಯಾ, ನವೆಂಬರ್ 28 ರಂದು ಕೆನರಾ ಬ್ಯಾಂಕ್, ನವೆಂಬರ್ 30 ರಂದು ಯೂನಿಯನ್ ಬ್ಯಾಂಕ್‌ಗಳಲ್ಲಿ ಸಾಲ ಮೇಳ ನಡೆಯಲಿದೆ. ನವೆಂಬರ್ 20 ರಂದು ಸ್ಟೇಟ್ ಬ್ಯಾಂಕ್ ಆಫ್ ಇಂಡಿಯಾ, ನವೆಂಬರ್ 21 ರಂದು ಕರ್ನಾಟಕ ಬ್ಯಾಂಕ್, ನವೆಂಬರ್ 22 ರಂದು ಎಚ್.ಡಿ.ಎಫ್.ಸಿ ಬ್ಯಾಂಕ್‌ನಲ್ಲಿ ಶಿಬಿರ ಆಯೋಜಿಸಲಾಗಿದೆ.
ಬೀದಿಬದಿ ವ್ಯಾಪಾರಿಗಳು ತಮ್ಮ ಸಂಬಂಧಿತ ಬ್ಯಾಂಕ್‌ಗಳಿಗೆ ಭೇಟಿ ನೀಡಿ ಸಾಲ ಸೌಲಭ್ಯ ಪಡೆಯಬಹುದು. ಅಭಿಯಾನ ಕೈಗೊಂಡು ಅಂಗನವಾಡಿಗಳಲ್ಲಿ, ಪ್ರಾಥಮಿಕ ಆರೋಗ್ಯ ಕೇಂದ್ರಗಳಲ್ಲಿ, ಸಮುದಾಯ ಭವನಗಳಲ್ಲಿ ಮಾಹಿತಿ ಹಾಗೂ ಕರಪತ್ರಗಳ ವಿತರಣೆ ನಡೆಯಲಿದೆ. ಹೆಚ್ಚಿನ ಮಾಹಿತಿಗೆ ಸಹಾಯವಾಣಿ ಸಂಖ್ಯೆ:8861448238, 9902006303, 9620262400 ಹಾಗೂ 7619359709 ಸಂಪರ್ಕಿಸಬಹುದು ಎಂದು ಮಹಾನಗರ ಪಾಲಿಕೆ ಆಯುಕ್ತರು ಪ್ರಕಟಣೆಯಲ್ಲಿ ತಿಳಿಸಿದ್ದಾರೆ.
ಇಂದು ವಿದ್ಯುತ್ ವ್ಯತ್ಯಯ
ಮೈಸೂರು: ವಿ.ವಿ ಮೊಹಲ್ಲಾ ವಿಭಾಗ ವ್ಯಾಪ್ತಿಯ ಕೆ.ಹೆಚ್.ಬಿ ಕಾಲೋನಿ 66/11 ಕೆ.ವಿ ವಿದ್ಯುತ್ ವಿತರಣಾ ಕೇಂದ್ರದಲ್ಲಿ ತುರ್ತು ನಿರ್ವಹಣಾ ಕಾಮಗಾರಿ ಇರುವ ಕಾರಣ ಇಂದು ಬೆಳಗ್ಗೆ 10 ರಿಂದ ಸಂಜೆ 5ರ ವರೆಗೆ ಈ ಕೆಳಕಂಡ ಪ್ರದೇಶಗಳಲ್ಲಿ ವಿದ್ಯುತ್ ವ್ಯತ್ಯಯ ಉಂಟಾಗಲಿದೆ ಎಂದು ಚಾಮುಂಡೇಶ್ವರಿ ವಿದ್ಯುತ್ ಸರಬರಾಜು ನಿಗಮ ತಿಳಿಸಿದೆ. ಕೆ.ಹೆಚ್.ಬಿ ಕಾಲೋನಿ, ಕುವೆಂಪುನಗರ, ವಿಜಯನಗರ 4ನೇ ಹಂತ, ಕೆ.ಹೆಚ್.ಬಿ ಕಾಲೋನಿ, ಹೂಟಗಳ್ಳಿ, ಮಾನಸ ಗಂಗೋತ್ರಿ, ಲೋಕನಾಯಕನಗರ, ಬೋಗಾದಿ ರಸ್ತೆ, ನಿವೇದಿತಾ ನಗರ, ರಾಮಕೃಷ್ಣ ನಗರ, ಜಯನಗರ, ಜೆ.ಪಿ.ನಗರ, ವಿಶ್ವಮಾನವ ಜೋಡಿ ರಸ್ತೆ, ಗಂಗೋತ್ರಿ ಬಡಾವಣೆ, ಪಡುವಾರಹಳ್ಳಿ, ಮೇಟಗಳ್ಳಿ, ಹೆಬ್ಬಾಳು ಕೈಗಾರಿಕಾ ಪ್ರದೇಶ, ಬಿಇಎಂಎಲ್ ನಗರ, ಬೆಳವಾಡಿ, ಶ್ರೀರಾಂಪುರ, ಸಾತಗಳ್ಳಿ, ದಟ್ಟಗಳ್ಳಿ, ಆಲನಹಳ್ಳಿ, ಲಲಿತಾದ್ರಿಪುರ, ಉದಯಗಿರಿ, ರಾಜೀವ್‌ನಗರ, ಕ್ಯಾತಮಾರನಹಳ್ಳಿ, ಎನ್.ಆರ್. ಮೊಹಲ್ಲಾ, ಕುಂಬಾರಕೊಪ್ಪಲು, ಮಂಡಿ ಮೊಹಲ್ಲಾ, ಅಗ್ರಹಾರ, ಚಾಮರಾಜಪುರಂ, ಅಶೋಕಪುರಂ, ವಿದ್ಯಾರಣ್ಯಪುರಂ, ನಜರ್‌ಬಾದ್ ಹಾಗೂ ಸುತ್ತಮುತ್ತಲಿನ ಪ್ರದೇಶಗಳಲ್ಲಿ ವಿದ್ಯುತ್ ಸರಬರಾಜಿನಲ್ಲಿ ವ್ಯತ್ಯಯ ಉಂಟಾಗಲಿದೆ ಎಂದು ಪ್ರಕಟಣೆಯಲ್ಲಿ ತಿಳಿಸಲಾಗಿದೆ.
ಡಿ.10 ರವರೆಗೆ ಶೌಚಾಲಯದ ಮಹತ್ವದ ಅರಿವು
ಚಿಕ್ಕಬಳ್ಳಾಪುರ: ಶೌಚಾಲಯದ ಮಹತ್ವದ ಕುರಿತು ಅರಿವು ಮೂಡಿಸಲು ಜಿಲ್ಲೆಯಲ್ಲಿ ಡಿಸೆಂಬರ್ 10 ರವರೆಗೆ ವಿಶೇಷ ಆಂದೋಲನ ಹಮ್ಮಿಕೊಳ್ಳಲಾಗಿದೆ ಎಂದು ಜಿಲ್ಲಾ ಪಂಚಾಯತ್ ಮುಖ್ಯ ಕಾರ್ಯನಿರ್ವಾಹಕ ಅಧಿಕಾರಿ ತಿಳಿಸಿದರು. ಸ್ವಚ್ಛ ಭಾರತ್ ಮಿಷನ್ ಗ್ರಾಮೀಣ ಯೋಜನೆಯಡಿ ನಡೆದ ಕಾರ್ಯಾಗಾರ ಉದ್ಘಾಟಿಸಿ ಮಾತನಾಡಿದ ಅವರು, ಪ್ರತಿ ಗ್ರಾಮದಲ್ಲೂ ಜಾಗೃತಿ ಜಾಥಾ ನಡೆಸಲಾಗುವುದು ಎಂದರು.
ಹುಣಸಿಕೋಟೆ, ಗುಡಿಬಂಡೆ, ಬಾಗೇಪಲ್ಲಿ, ಚಿಂತಾಮಣಿ, ಶಿಡ್ಲಘಟ್ಟ ತಾಲೂಕುಗಳಲ್ಲಿ ಗೋಡೆ ಬರಹ, ಕರಪತ್ರ ವಿತರಣೆ, ಶಾಲಾ ಮಕ್ಕಳಿಂದ ಪ್ರಭಾತಫೇರಿ ನಡೆಯಲಿದೆ. ಗ್ರಾಮ ಪಂಚಾಯಿತಿ ಮಟ್ಟದಲ್ಲಿ ಸ್ವಚ್ಛತಾ ಪ್ರತಿಜ್ಞೆ ಸ್ವೀಕರಿಸಲಾಗುವುದು. ಶೌಚಾಲಯ ನಿರ್ಮಾಣ ಪೂರ್ಣಗೊಳಿಸದ ಕುಟುಂಬಗಳಿಗೆ ಪ್ರೋತ್ಸಾಹಧನದ ಮಾಹಿತಿ ನೀಡಲಾಗುವುದು ಎಂದರು.
ಸ್ವಚ್ಛತೆ ಕೇವಲ ಸರ್ಕಾರದ ಕಾರ್ಯಕ್ರಮವಲ್ಲ, ಅದು ಪ್ರತಿಯೊಬ್ಬ ನಾಗರಿಕನ ಜವಾಬ್ದಾರಿ. ಮನೆಯಲ್ಲಿ ಶೌಚಾಲಯ ಇದ್ದರೂ ಬಳಸದಿರುವುದು ಆರೋಗ್ಯಕ್ಕೆ ಮಾರಕ. ಬಯಲು ಶೌಚದಿಂದ ಸಾಂಕ್ರಾಮಿಕ ರೋಗಗಳು ಹರಡುತ್ತವೆ ಎಂದು ವೈದ್ಯಾಧಿಕಾರಿಗಳು ವಿವರಿಸಿದರು. ಕಾರ್ಯಕ್ರಮದಲ್ಲಿ ತಾಲೂಕು ಪಂಚಾಯಿತಿ ಕಾರ್ಯನಿರ್ವಹಣಾಧಿಕಾರಿಗಳು, ಗ್ರಾಮ ಪಂಚಾಯಿತಿ ಅಧ್ಯಕ್ಷರು, ಪಿಡಿಒಗಳು, ಸ್ವಚ್ಛತಾ ರಾಯಭಾರಿಗಳು, ಸ್ವಸಹಾಯ ಸಂಘಗಳ ಸದಸ್ಯರು ಭಾಗವಹಿಸಿದ್ದರು. ಆಂದೋಲನದ ಅಂಗವಾಗಿ ಉತ್ತಮ ಸಾಧನೆ ತೋರುವ ಗ್ರಾಮ ಪಂಚಾಯಿತಿಗಳಿಗೆ ಪ್ರಶಸ್ತಿ ನೀಡಲಾಗುವುದು ಎಂದು ತಿಳಿಸಿದರು. ಘನತ್ಯಾಜ್ಯ ನಿರ್ವಹಣಾ ಘಟಕಗಳ ಕಾರ್ಯನಿರ್ವಹಣೆ ಪರಿಶೀಲಿಸಿ ಅಗತ್ಯ ಸುಧಾರಣೆ ತರಲು ಸೂಚಿಸಲಾಯಿತು.
ತೆಂಗಿನ ಬೆಳೆಯ ಸಮಗ್ರ ಉತ್ಪಾದನಾ ತಾಂತ್ರಿಕತೆಗಳ ವಿಚಾರ ಸಂಕಿರಣ
ಮೈಸೂರು: ವಿಶ್ವ ತೆಂಗು ದಿನಾಚರಣೆ ಅಂಗವಾಗಿ ತೆಂಗಿನ ಬೆಳೆಯ ಸಮಗ್ರ ಉತ್ಪಾದನಾ ತಾಂತ್ರಿಕತೆಗಳ ಕುರಿತ ವಿಚಾರ ಸಂಕಿರಣವನ್ನು ತೋಟಗಾರಿಕೆ ಇಲಾಖೆ ಹಾಗೂ ಕೃಷಿ ವಿಜ್ಞಾನ ಕೇಂದ್ರದ ಸಹಯೋಗದಲ್ಲಿ ಆಯೋಜಿಸಲಾಗಿತ್ತು. ತೆಂಗು ಬೆಳೆಯಲ್ಲಿ ನೀರು ನಿರ್ವಹಣೆ, ಸಮಗ್ರ ಪೋಷಕಾಂಶ ಹಾಗೂ ಕೀಟ ರೋಗ ನಿರ್ವಹಣೆ ಕುರಿತು ವಿಜ್ಞಾನಿಗಳು ಮಾಹಿತಿ ನೀಡಿದರು. ನುಸಿಪೀಡೆ, ಕಪ್ಪು ತಲೆ ಹುಳು ಬಾಧೆ ನಿಯಂತ್ರಣಕ್ಕೆ ಜೈವಿಕ ವಿಧಾನಗಳನ್ನು ಅನುಸರಿಸುವಂತೆ ಸಲಹೆ ನೀಡಿದರು. ತೆಂಗಿನ ಮೌಲ್ಯವರ್ಧಿತ ಉತ್ಪನ್ನಗಳಾದ ನೀರಾ, ಕೊಬ್ಬರಿ ಎಣ್ಣೆ, ತೆಂಗಿನ ನಾರಿನ ಉತ್ಪನ್ನಗಳ ಮಾರುಕಟ್ಟೆ ಅವಕಾಶಗಳ ಕುರಿತು ಚರ್ಚಿಸಲಾಯಿತು. ರೈತರು ಹನಿ ನೀರಾವರಿ ಅಳವಡಿಸಿಕೊಂಡು ಉತ್ಪಾದನಾ ವೆಚ್ಚ ಕಡಿಮೆ ಮಾಡಬಹುದು ಎಂದು ತಜ್ಞರು ತಿಳಿಸಿದರು. ಸಂಕಿರಣದಲ್ಲಿ ಜಿಲ್ಲೆಯ ವಿವಿಧ ತಾಲೂಕುಗಳ ತೆಂಗು ಬೆಳೆಗಾರರು, ತೋಟಗಾರಿಕೆ ಇಲಾಖೆ ಅಧಿಕಾರಿಗಳು, ವಿಜ್ಞಾನಿಗಳು ಭಾಗವಹಿಸಿದ್ದರು. ಪ್ರಗತಿಪರ ತೆಂಗು ಬೆಳೆಗಾರರನ್ನು ಸನ್ಮಾನಿಸಲಾಯಿತು.
